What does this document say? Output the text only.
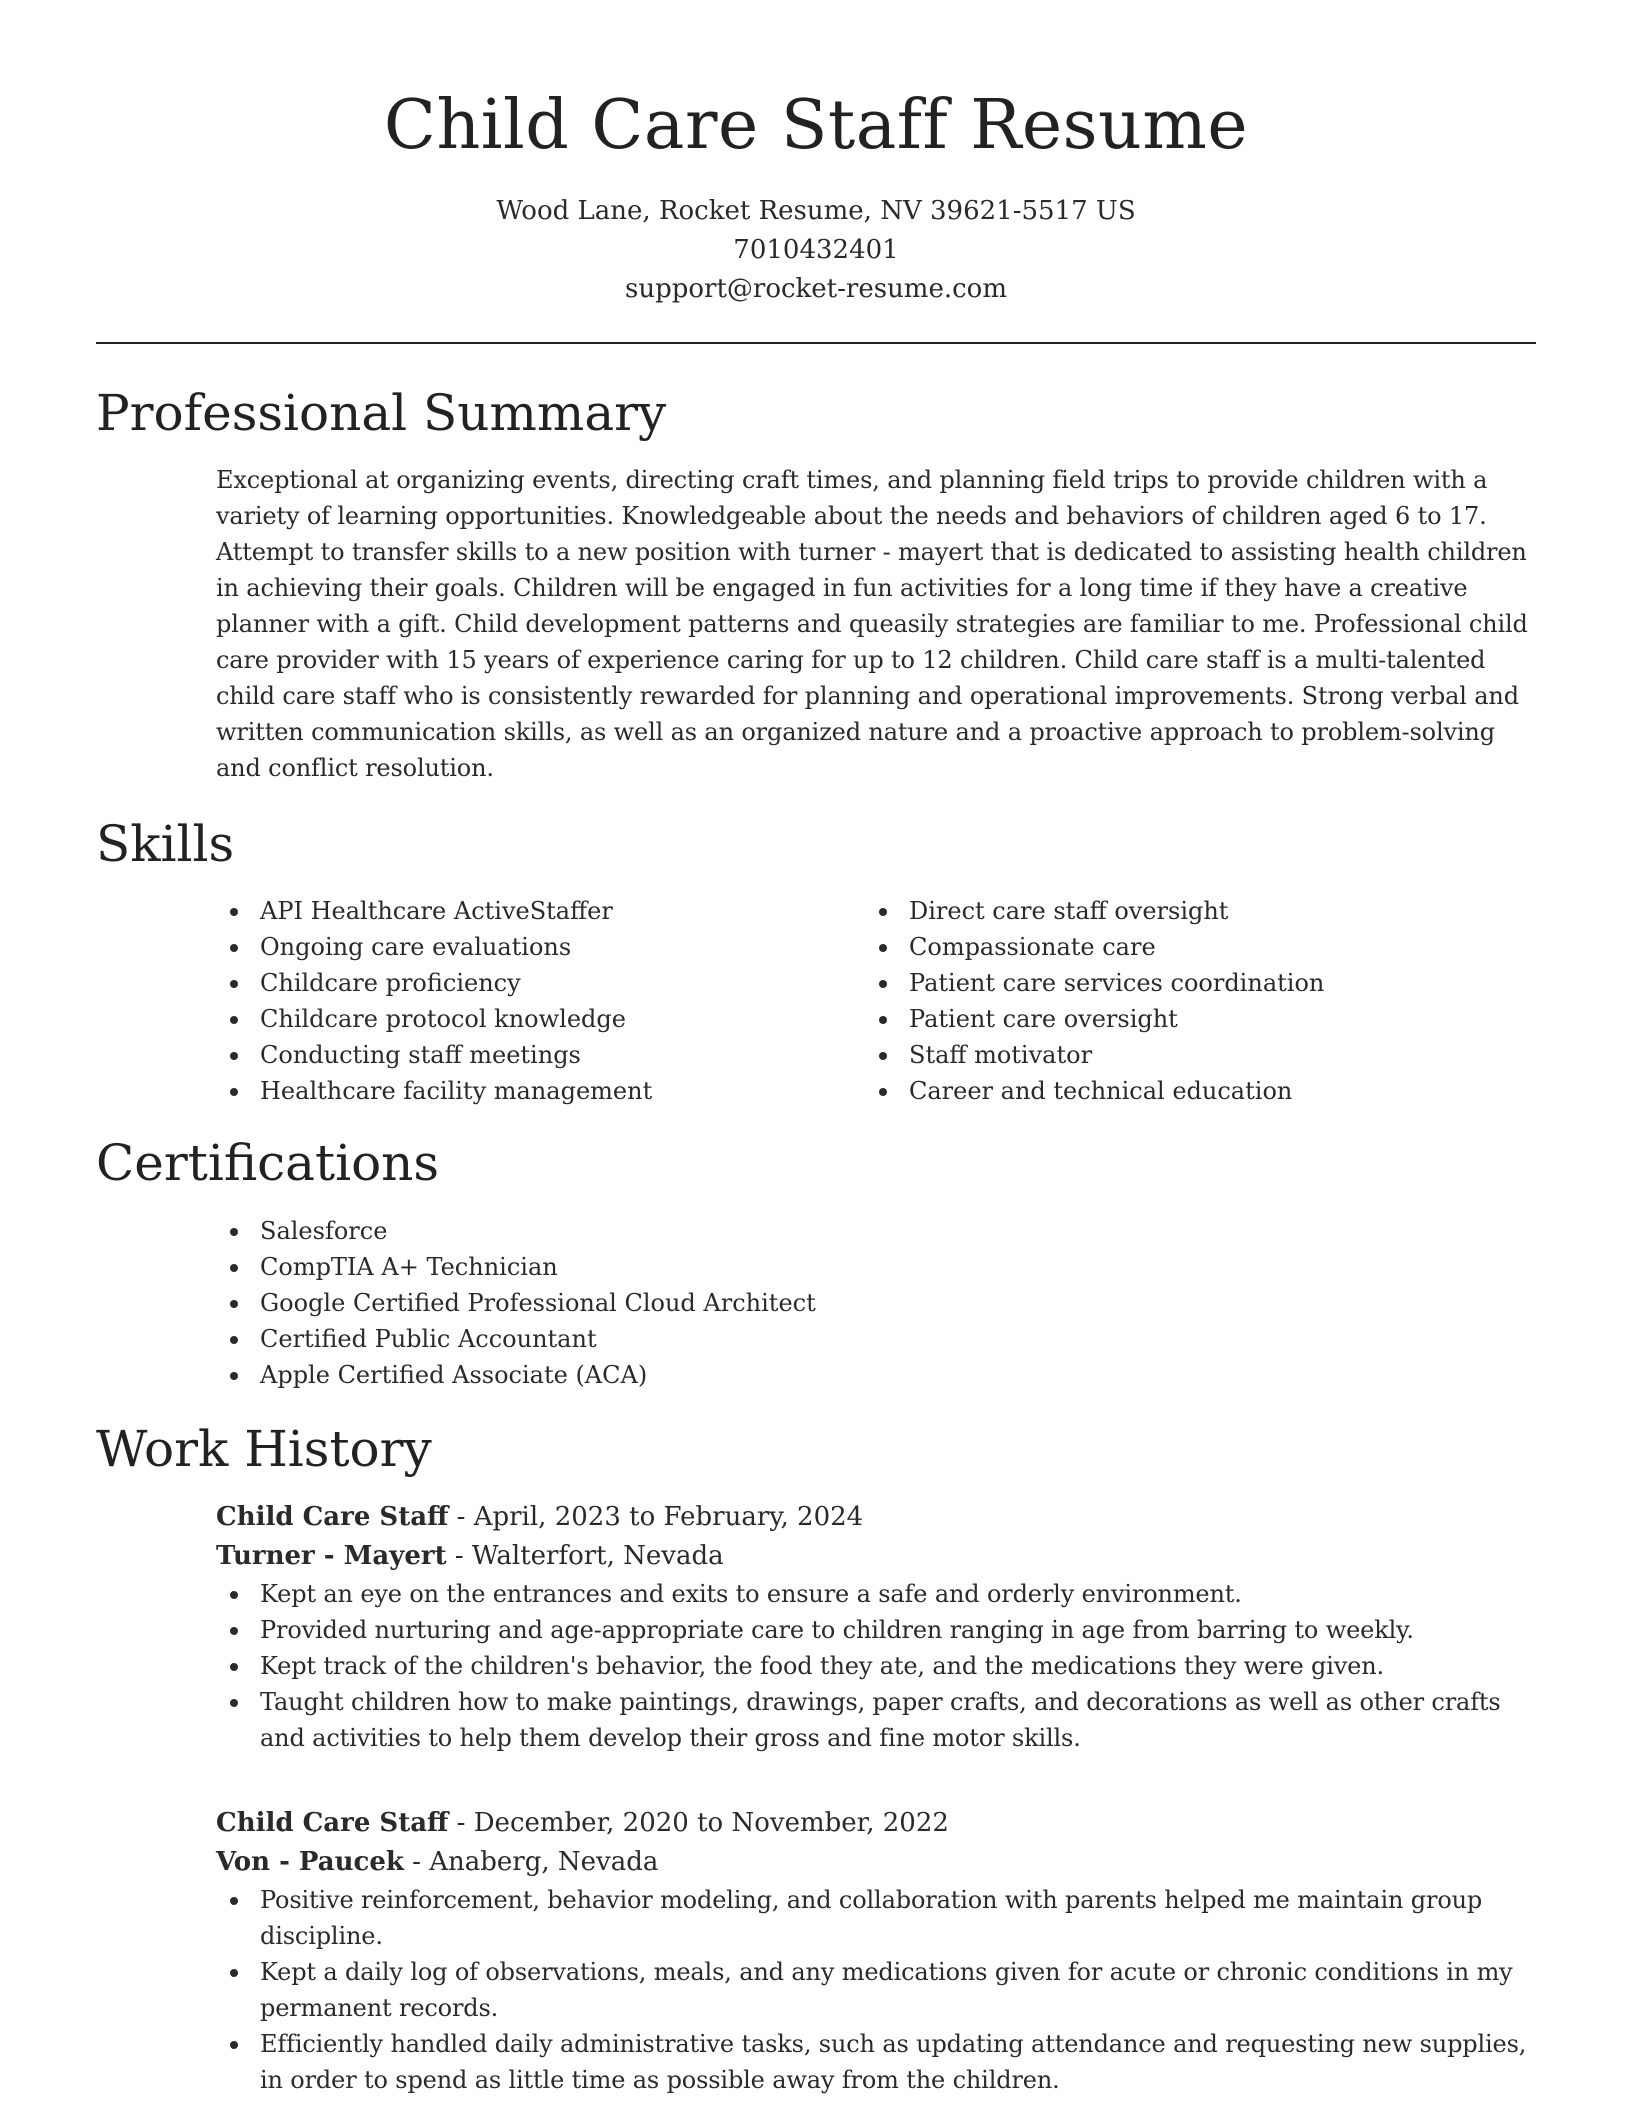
Child Care Staff Resume
Wood Lane, Rocket Resume, NV 39621-5517 US
7010432401
support@rocket-resume.com
Professional Summary

Exceptional at organizing events, directing craft times, and planning field trips to provide children with a variety of learning opportunities. Knowledgeable about the needs and behaviors of children aged 6 to 17. Attempt to transfer skills to a new position with turner - mayert that is dedicated to assisting health children in achieving their goals. Children will be engaged in fun activities for a long time if they have a creative planner with a gift. Child development patterns and queasily strategies are familiar to me. Professional child care provider with 15 years of experience caring for up to 12 children. Child care staff is a multi-talented child care staff who is consistently rewarded for planning and operational improvements. Strong verbal and written communication skills, as well as an organized nature and a proactive approach to problem-solving and conflict resolution.

Skills
API Healthcare ActiveStaffer
Ongoing care evaluations
Childcare proficiency
Childcare protocol knowledge
Conducting staff meetings
Healthcare facility management
Direct care staff oversight
Compassionate care
Patient care services coordination
Patient care oversight
Staff motivator
Career and technical education
Certifications
Salesforce
CompTIA A+ Technician
Google Certified Professional Cloud Architect
Certified Public Accountant
Apple Certified Associate (ACA)
Work History

Child Care Staff - April, 2023 to February, 2024

Turner - Mayert - Walterfort, Nevada

Kept an eye on the entrances and exits to ensure a safe and orderly environment.
Provided nurturing and age-appropriate care to children ranging in age from barring to weekly.
Kept track of the children's behavior, the food they ate, and the medications they were given.
Taught children how to make paintings, drawings, paper crafts, and decorations as well as other crafts and activities to help them develop their gross and fine motor skills.

Child Care Staff - December, 2020 to November, 2022

Von - Paucek - Anaberg, Nevada

Positive reinforcement, behavior modeling, and collaboration with parents helped me maintain group discipline.
Kept a daily log of observations, meals, and any medications given for acute or chronic conditions in my permanent records.
Efficiently handled daily administrative tasks, such as updating attendance and requesting new supplies, in order to spend as little time as possible away from the children.
